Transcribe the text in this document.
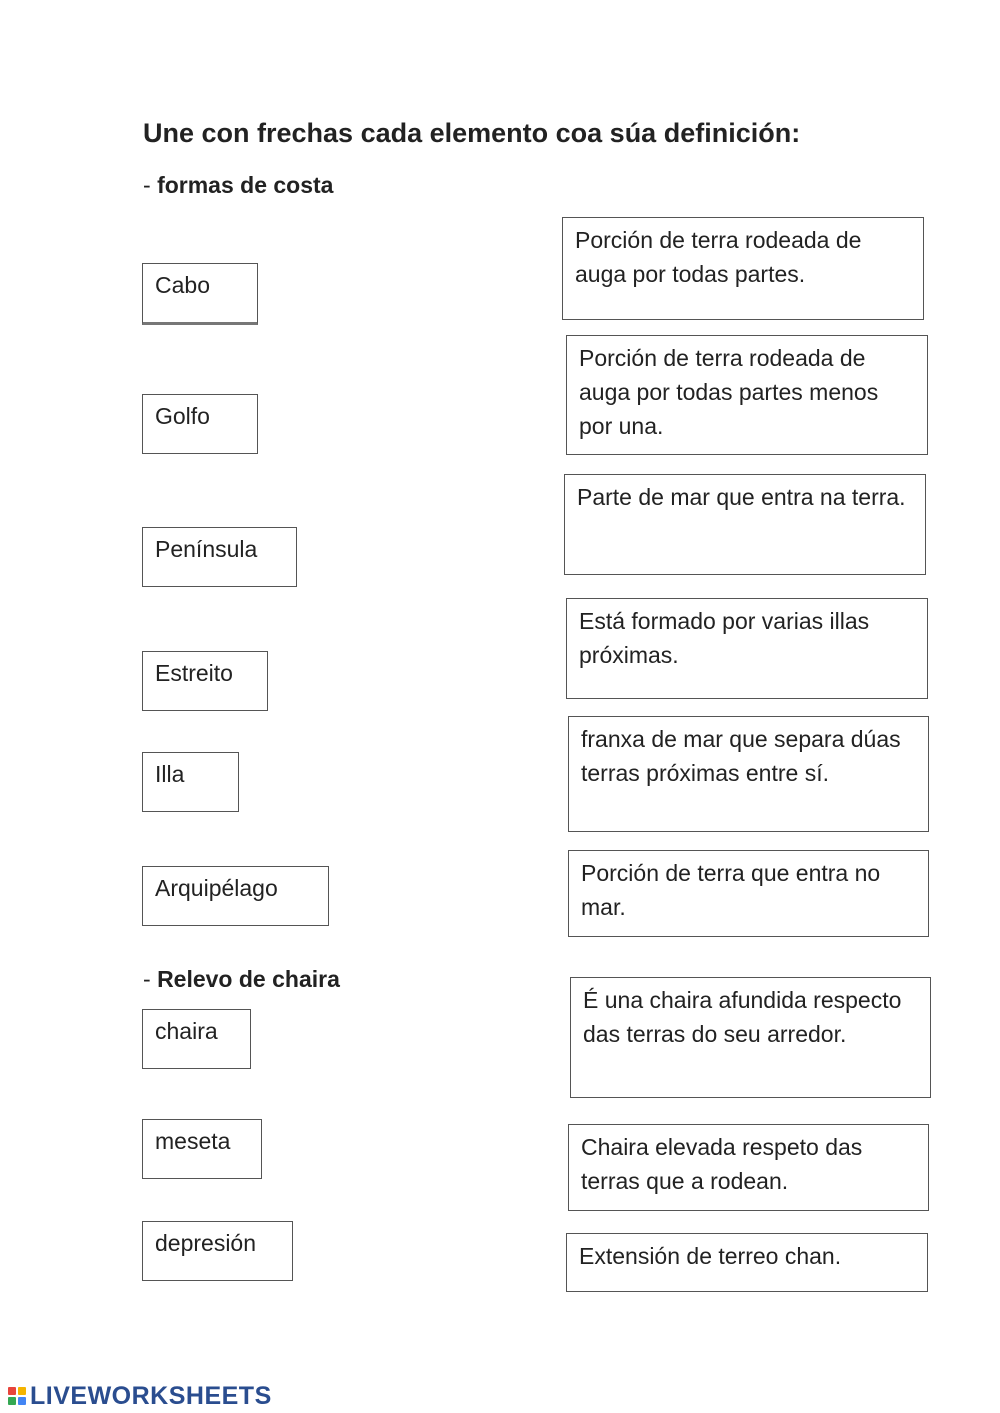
Une con frechas cada elemento coa súa definición:
- formas de costa
- Relevo de chaira
Cabo
Golfo
Península
Estreito
Illa
Arquipélago
chaira
meseta
depresión
Porción de terra rodeada de auga por todas partes.
Porción de terra rodeada de auga por todas partes menos por una.
Parte de mar que entra na terra.
Está formado por varias illas próximas.
franxa de mar que separa dúas terras próximas entre sí.
Porción de terra que entra no mar.
É una chaira afundida respecto das terras do seu arredor.
Chaira elevada respeto das terras que a rodean.
Extensión de terreo chan.
LIVEWORKSHEETS
